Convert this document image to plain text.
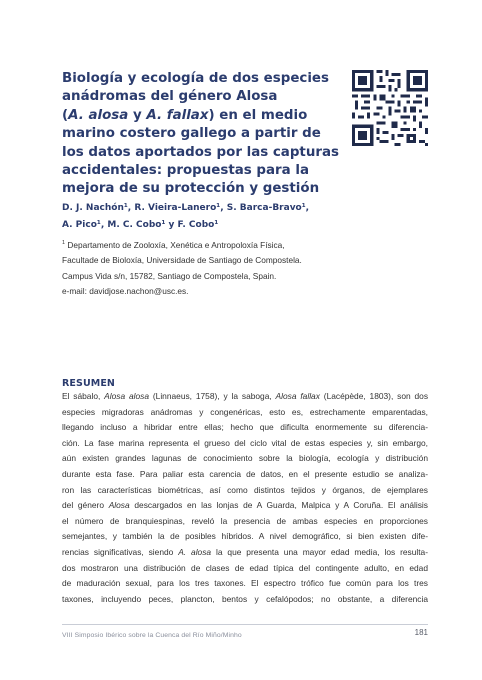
Biología y ecología de dos especies
anádromas del género Alosa
(A. alosa y A. fallax) en el medio
marino costero gallego a partir de
los datos aportados por las capturas
accidentales: propuestas para la
mejora de su protección y gestión
D. J. Nachón¹, R. Vieira-Lanero¹, S. Barca-Bravo¹,
A. Pico¹, M. C. Cobo¹ y F. Cobo¹
$^1$ Departamento de Zooloxía, Xenética e Antropoloxía Física,
Facultade de Bioloxía, Universidade de Santiago de Compostela.
Campus Vida s/n, 15782, Santiago de Compostela, Spain.
e-mail: davidjose.nachon@usc.es.
RESUMEN
El sábalo, Alosa alosa (Linnaeus, 1758), y la saboga, Alosa fallax (Lacépède, 1803), son dos
especies migradoras anádromas y congenéricas, esto es, estrechamente emparentadas,
llegando incluso a hibridar entre ellas; hecho que dificulta enormemente su diferencia-
ción. La fase marina representa el grueso del ciclo vital de estas especies y, sin embargo,
aún existen grandes lagunas de conocimiento sobre la biología, ecología y distribución
durante esta fase. Para paliar esta carencia de datos, en el presente estudio se analiza-
ron las características biométricas, así como distintos tejidos y órganos, de ejemplares
del género Alosa descargados en las lonjas de A Guarda, Malpica y A Coruña. El análisis
el número de branquiespinas, reveló la presencia de ambas especies en proporciones
semejantes, y también la de posibles híbridos. A nivel demográfico, si bien existen dife-
rencias significativas, siendo A. alosa la que presenta una mayor edad media, los resulta-
dos mostraron una distribución de clases de edad típica del contingente adulto, en edad
de maduración sexual, para los tres taxones. El espectro trófico fue común para los tres
taxones, incluyendo peces, plancton, bentos y cefalópodos; no obstante, a diferencia
VIII Simposio Ibérico sobre la Cuenca del Río Miño/Minho	181
